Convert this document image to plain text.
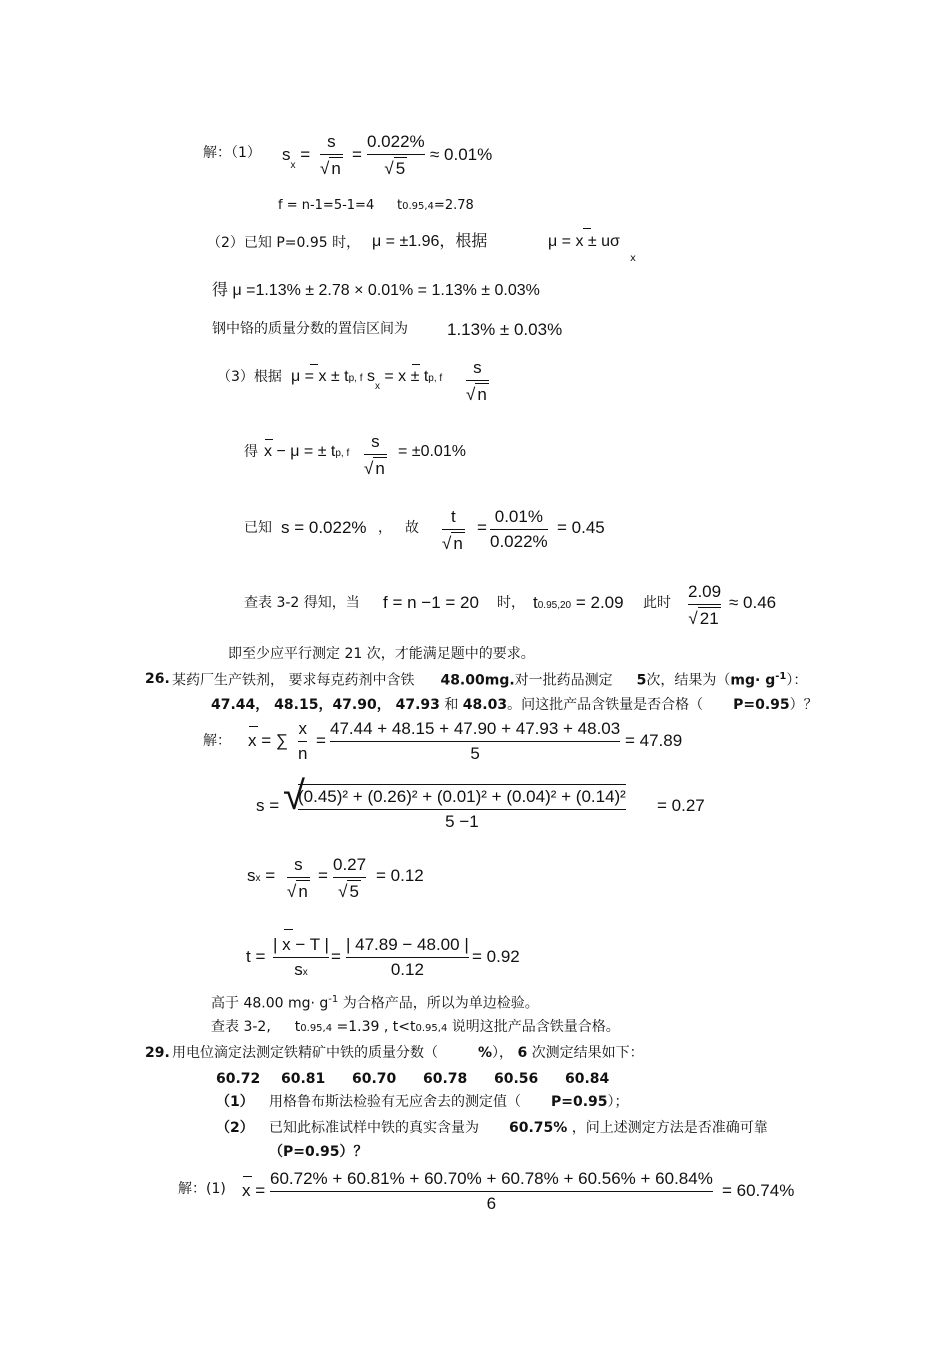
解：（1） $s_x$ =
s
√ n
=
0.022%
√ 5
≈ 0.01%
f = n-1=5-1=4 t0.95,4=2.78
（2）已知 P=0.95 时， μ = ±1.96，根据	μ = x ± uσ
x
得 μ =1.13% ± 2.78 × 0.01% = 1.13% ± 0.03%
钢中铬的质量分数的置信区间为 1.13% ± 0.03%
（3）根据 μ = x ± tp, f $s_x = x$ ± tp, f
s
√ n
得 x − μ = ± tp, f
s
√ n
= ±0.01%
已知 s = 0.022% ， 故
t
√ n
=
0.01%
0.022%
= 0.45
查表 3-2 得知，当 f = n −1 = 20 时， t0.95,20 = 2.09 此时
2.09
√ 21
≈ 0.46
即至少应平行测定 21 次，才能满足题中的要求。
26. 某药厂生产铁剂， 要求每克药剂中含铁 48.00mg.对一批药品测定 5次，结果为$(mg\cdot g^{-1})$：
47.44， 48.15，47.90， 47.93 和 48.03。问这批产品含铁量是否合格（ P=0.95）？
解： x = ∑
x
n
=
47.44 + 48.15 + 47.90 + 47.93 + 48.03
5
= 47.89
s = √
(0.45)² + (0.26)² + (0.01)² + (0.04)² + (0.14)²
5 −1
= 0.27
sx =
s
√ n
=
0.27
√ 5
= 0.12
t =
| x − T |
sx
=
| 47.89 − 48.00 |
0.12
= 0.92
高于 48.00 $mg\cdot g^{-1}$ 为合格产品，所以为单边检验。
查表 3-2, t0.95,4 =1.39 , t<t0.95,4 说明这批产品含铁量合格。
29. 用电位滴定法测定铁精矿中铁的质量分数（	%）， 6 次测定结果如下：
60.72	60.81	60.70	60.78	60.56	60.84
（1） 用格鲁布斯法检验有无应舍去的测定值（ P=0.95）；
（2） 已知此标准试样中铁的真实含量为 60.75% ，问上述测定方法是否准确可靠
（P=0.95）？
解：(1) x =
60.72% + 60.81% + 60.70% + 60.78% + 60.56% + 60.84%
6
= 60.74%
